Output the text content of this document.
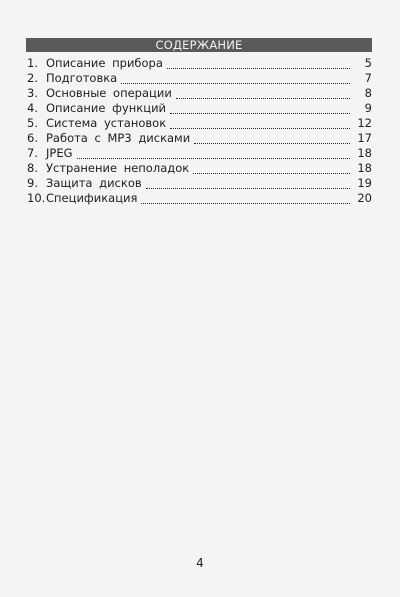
СОДЕРЖАНИЕ
1. Описание прибора	5
2. Подготовка	7
3. Основные операции	8
4. Описание функций	9
5. Система установок	12
6. Работа с МР3 дисками	17
7. JPEG	18
8. Устранение неполадок	18
9. Защита дисков	19
10. Спецификация	20
4
